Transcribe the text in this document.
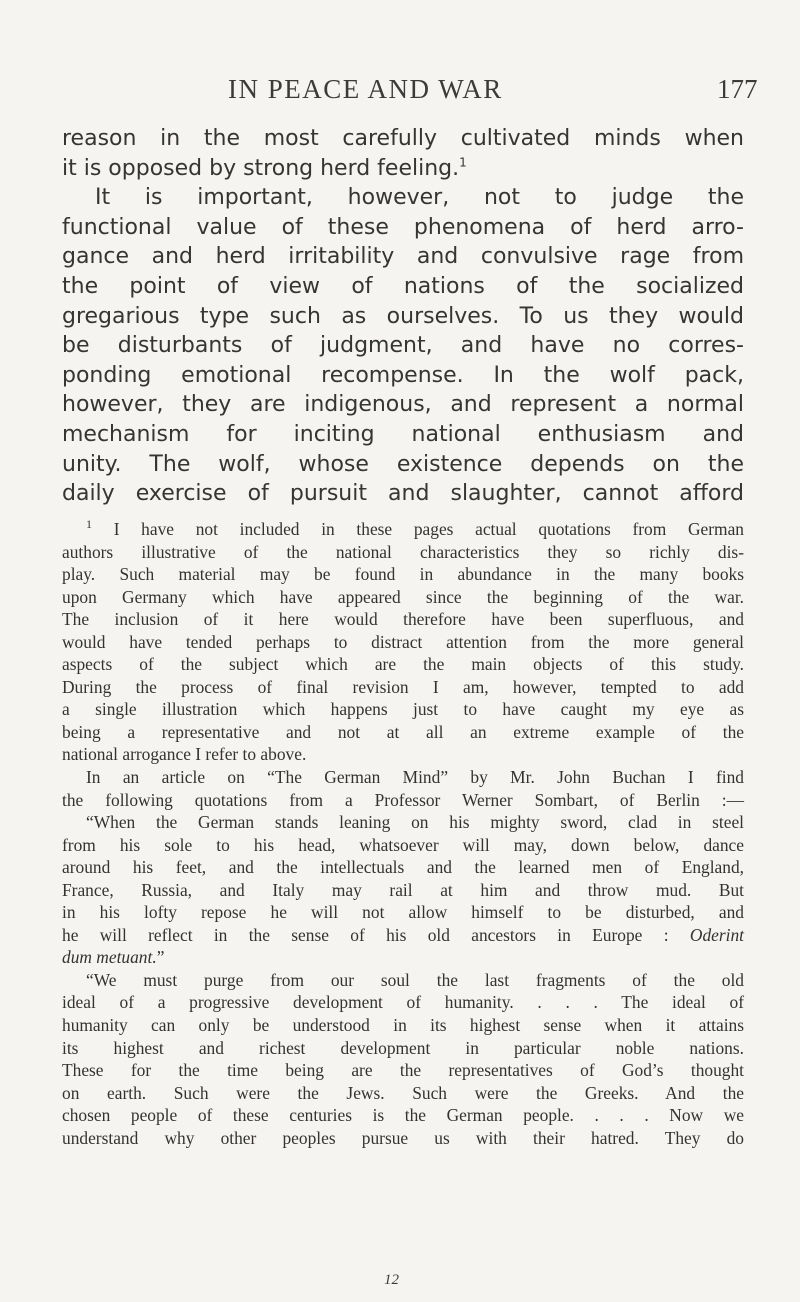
IN PEACE AND WAR	177
reason in the most carefully cultivated minds when
it is opposed by strong herd feeling.$^1$
It is important, however, not to judge the
functional value of these phenomena of herd arro-
gance and herd irritability and convulsive rage from
the point of view of nations of the socialized
gregarious type such as ourselves. To us they would
be disturbants of judgment, and have no corres-
ponding emotional recompense. In the wolf pack,
however, they are indigenous, and represent a normal
mechanism for inciting national enthusiasm and
unity. The wolf, whose existence depends on the
daily exercise of pursuit and slaughter, cannot afford
$^1$ I have not included in these pages actual quotations from German
authors illustrative of the national characteristics they so richly dis-
play. Such material may be found in abundance in the many books
upon Germany which have appeared since the beginning of the war.
The inclusion of it here would therefore have been superfluous, and
would have tended perhaps to distract attention from the more general
aspects of the subject which are the main objects of this study.
During the process of final revision I am, however, tempted to add
a single illustration which happens just to have caught my eye as
being a representative and not at all an extreme example of the
national arrogance I refer to above.
In an article on “The German Mind” by Mr. John Buchan I find
the following quotations from a Professor Werner Sombart, of Berlin :—
“When the German stands leaning on his mighty sword, clad in steel
from his sole to his head, whatsoever will may, down below, dance
around his feet, and the intellectuals and the learned men of England,
France, Russia, and Italy may rail at him and throw mud. But
in his lofty repose he will not allow himself to be disturbed, and
he will reflect in the sense of his old ancestors in Europe : Oderint
dum metuant.”
“We must purge from our soul the last fragments of the old
ideal of a progressive development of humanity. . . . The ideal of
humanity can only be understood in its highest sense when it attains
its highest and richest development in particular noble nations.
These for the time being are the representatives of God’s thought
on earth. Such were the Jews. Such were the Greeks. And the
chosen people of these centuries is the German people. . . . Now we
understand why other peoples pursue us with their hatred. They do
12
